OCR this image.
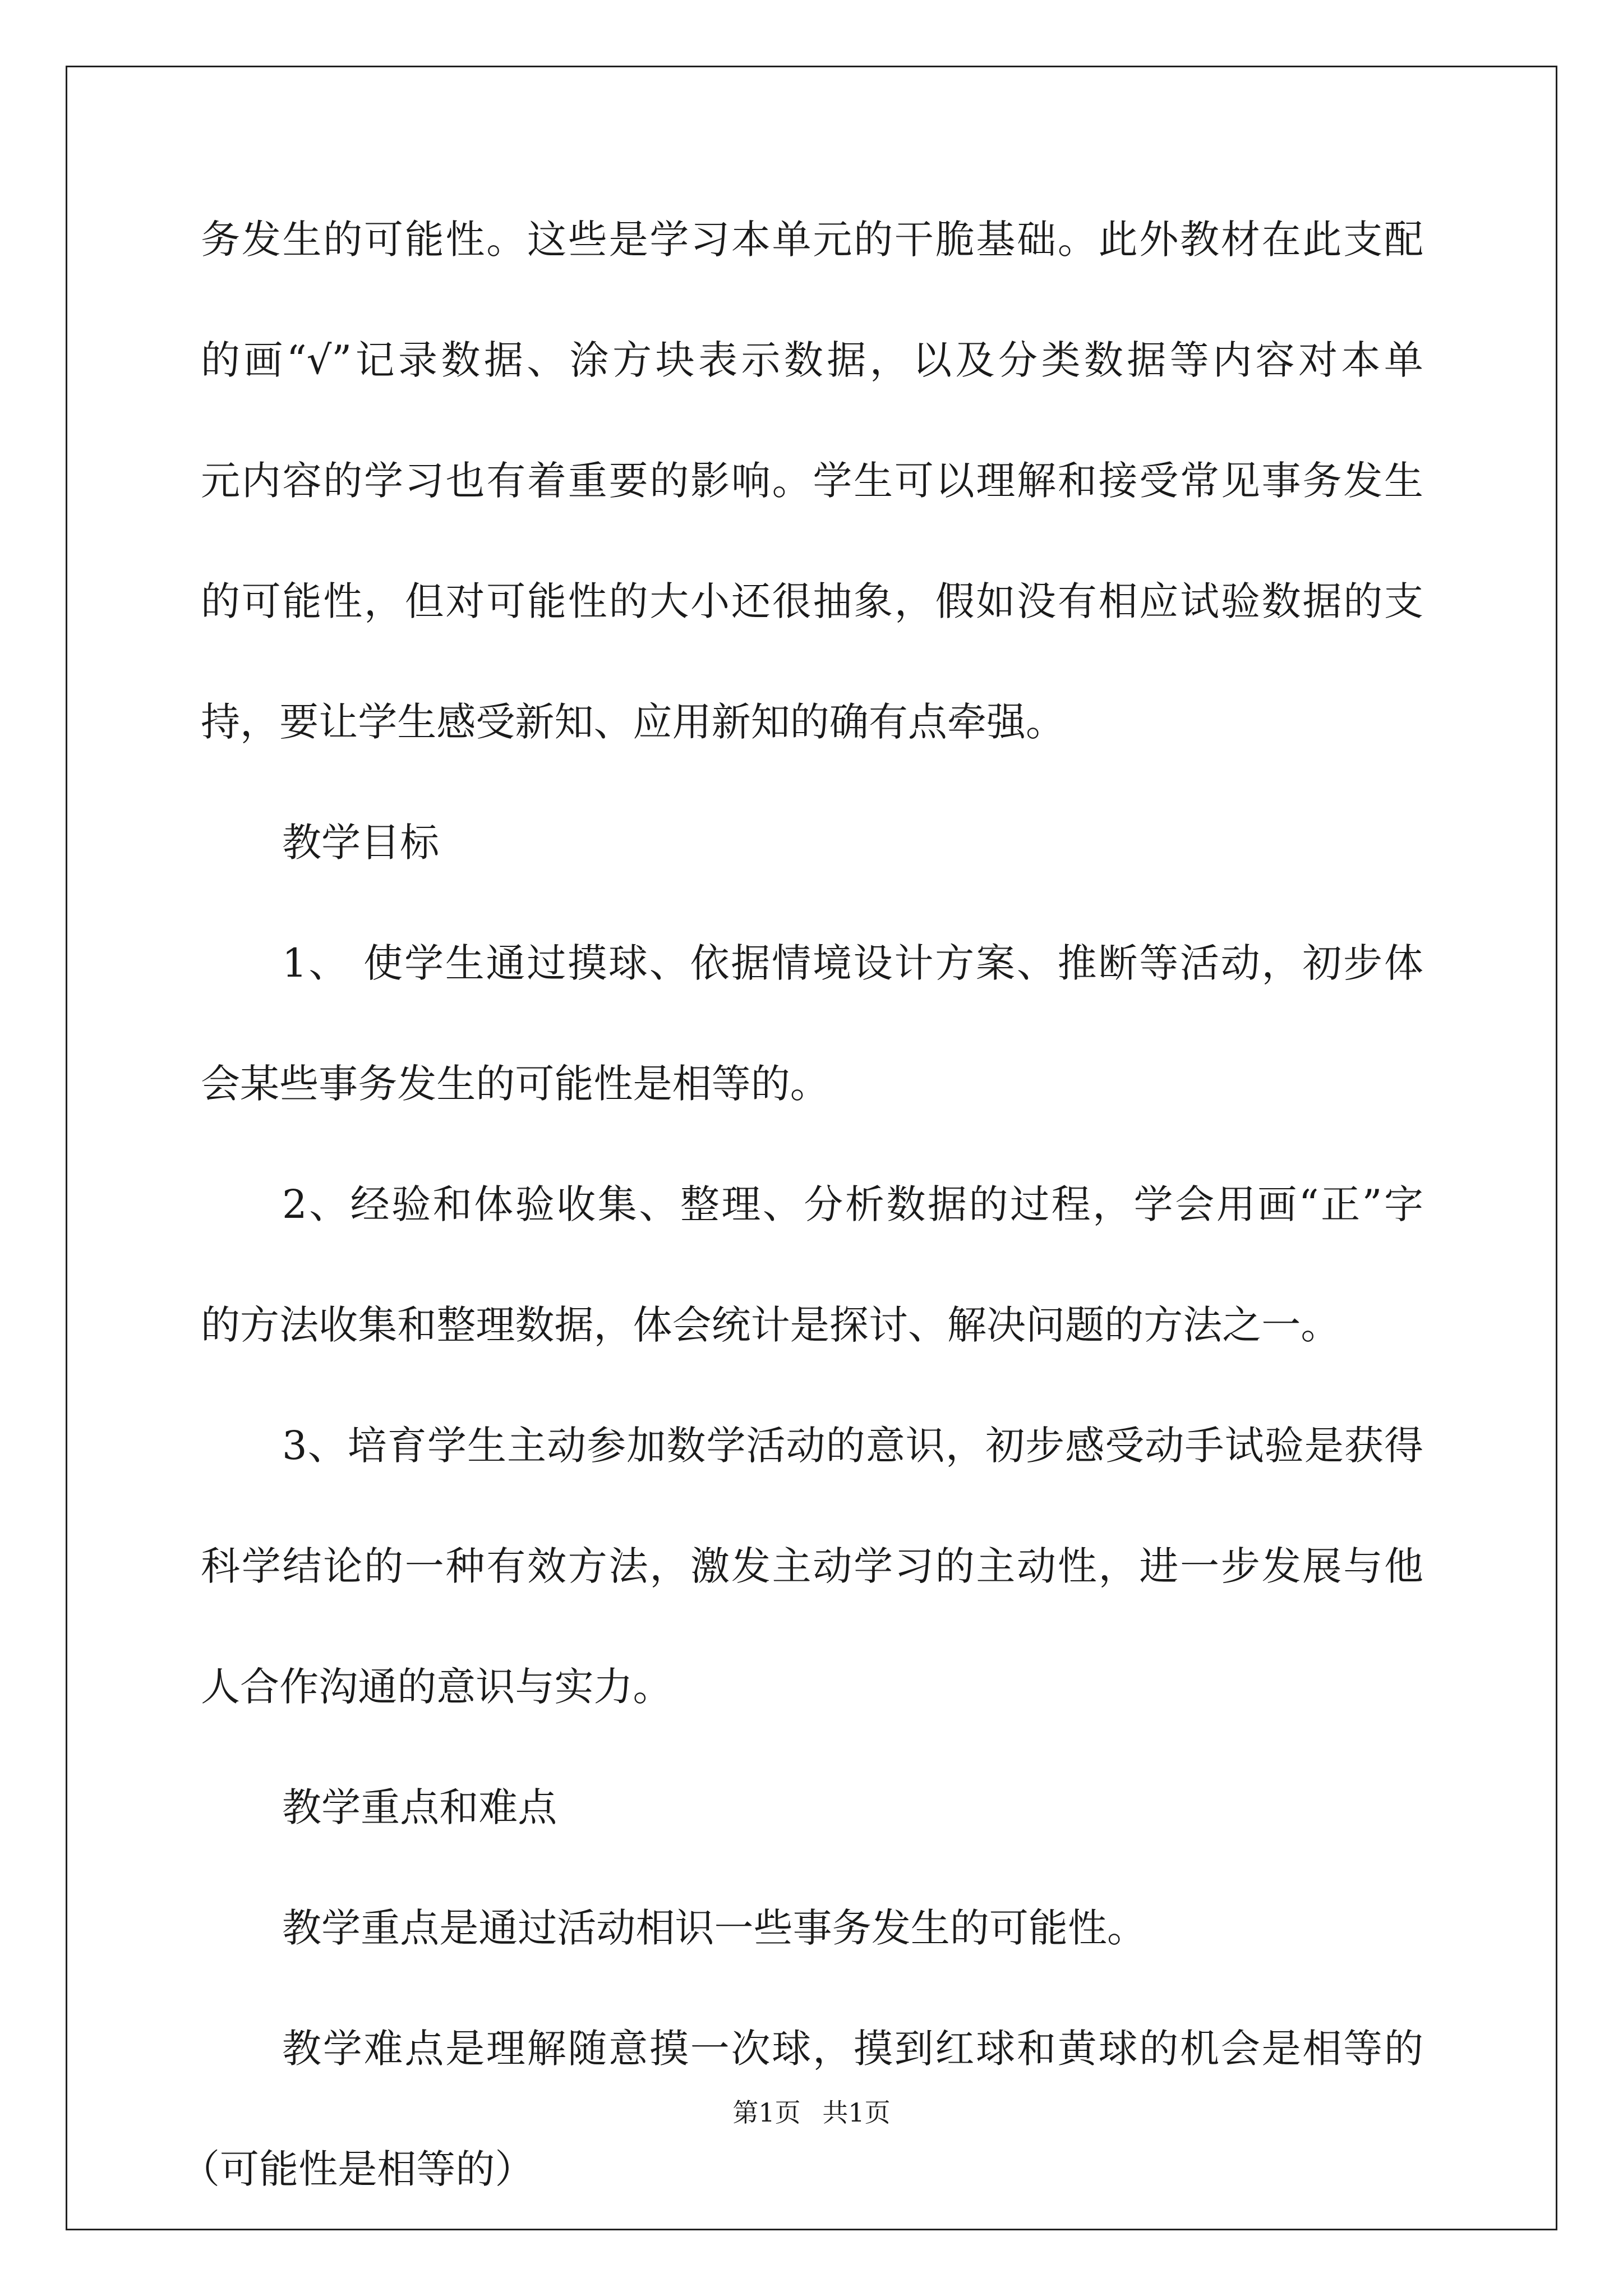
务发生的可能性。这些是学习本单元的干脆基础。此外教材在此支配
的画“√”记录数据、涂方块表示数据，以及分类数据等内容对本单
元内容的学习也有着重要的影响。学生可以理解和接受常见事务发生
的可能性，但对可能性的大小还很抽象，假如没有相应试验数据的支
持，要让学生感受新知、应用新知的确有点牵强。
教学目标
1、 使学生通过摸球、依据情境设计方案、推断等活动，初步体
会某些事务发生的可能性是相等的。
2、经验和体验收集、整理、分析数据的过程，学会用画“正”字
的方法收集和整理数据，体会统计是探讨、解决问题的方法之一。
3、培育学生主动参加数学活动的意识，初步感受动手试验是获得
科学结论的一种有效方法，激发主动学习的主动性，进一步发展与他
人合作沟通的意识与实力。
教学重点和难点
教学重点是通过活动相识一些事务发生的可能性。
教学难点是理解随意摸一次球，摸到红球和黄球的机会是相等的
（可能性是相等的）
第1页 共1页
